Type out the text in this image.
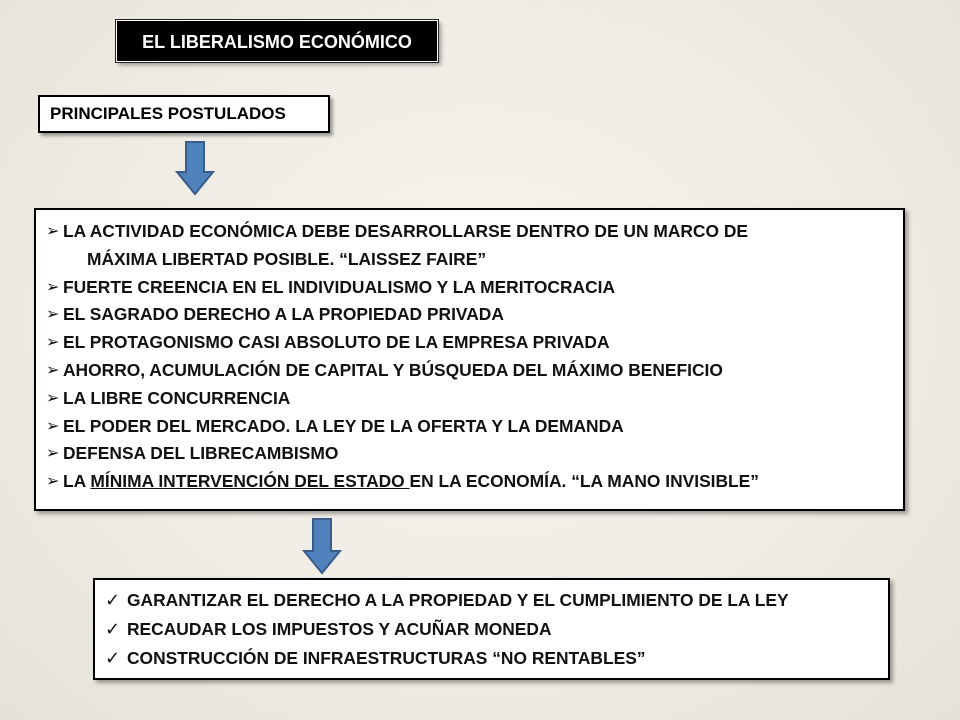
EL LIBERALISMO ECONÓMICO
PRINCIPALES POSTULADOS
➢ LA ACTIVIDAD ECONÓMICA DEBE DESARROLLARSE DENTRO DE UN MARCO DE
MÁXIMA LIBERTAD POSIBLE. “LAISSEZ FAIRE”
➢ FUERTE CREENCIA EN EL INDIVIDUALISMO Y LA MERITOCRACIA
➢ EL SAGRADO DERECHO A LA PROPIEDAD PRIVADA
➢ EL PROTAGONISMO CASI ABSOLUTO DE LA EMPRESA PRIVADA
➢ AHORRO, ACUMULACIÓN DE CAPITAL Y BÚSQUEDA DEL MÁXIMO BENEFICIO
➢ LA LIBRE CONCURRENCIA
➢ EL PODER DEL MERCADO. LA LEY DE LA OFERTA Y LA DEMANDA
➢ DEFENSA DEL LIBRECAMBISMO
➢ LA MÍNIMA INTERVENCIÓN DEL ESTADO EN LA ECONOMÍA. “LA MANO INVISIBLE”
✓ GARANTIZAR EL DERECHO A LA PROPIEDAD Y EL CUMPLIMIENTO DE LA LEY
✓ RECAUDAR LOS IMPUESTOS Y ACUÑAR MONEDA
✓ CONSTRUCCIÓN DE INFRAESTRUCTURAS “NO RENTABLES”
